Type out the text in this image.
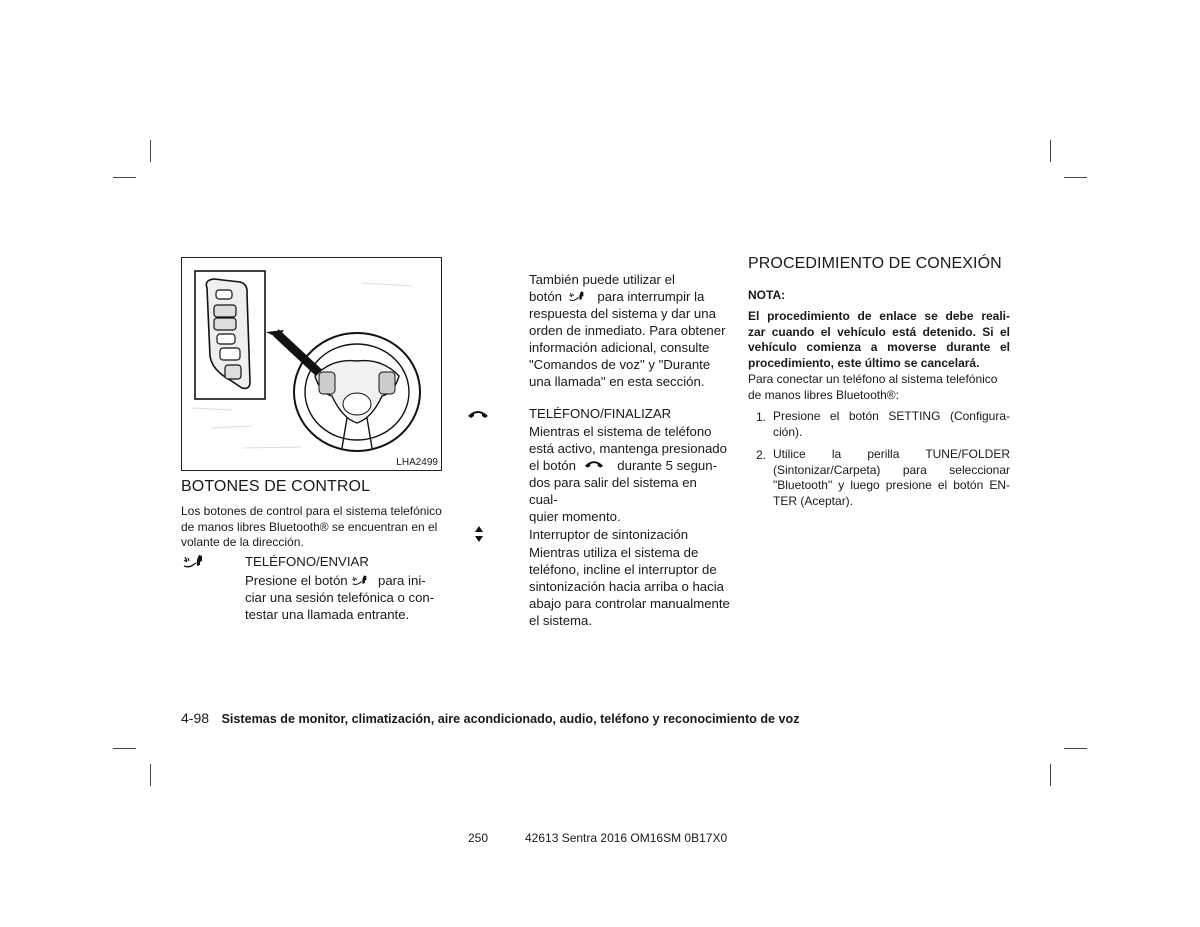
LHA2499
BOTONES DE CONTROL

Los botones de control para el sistema telefónico

de manos libres Bluetooth® se encuentran en el

volante de la dirección.

TELÉFONO/ENVIAR

Presione el botón para ini-

ciar una sesión telefónica o con-

testar una llamada entrante.

También puede utilizar el

botón	para interrumpir la

respuesta del sistema y dar una

orden de inmediato. Para obtener

información adicional, consulte

"Comandos de voz" y "Durante

una llamada" en esta sección.

TELÉFONO/FINALIZAR

Mientras el sistema de teléfono

está activo, mantenga presionado

el botón	durante 5 segun-

dos para salir del sistema en cual-

quier momento.

Interruptor de sintonización

Mientras utiliza el sistema de

teléfono, incline el interruptor de

sintonización hacia arriba o hacia

abajo para controlar manualmente

el sistema.

PROCEDIMIENTO DE CONEXIÓN
NOTA:

El procedimiento de enlace se debe reali-

zar cuando el vehículo está detenido. Si el

vehículo comienza a moverse durante el

procedimiento, este último se cancelará.

Para conectar un teléfono al sistema telefónico

de manos libres Bluetooth®:

1. Presione el botón SETTING (Configura-

ción).

2. Utilice la perilla TUNE/FOLDER

(Sintonizar/Carpeta) para seleccionar

"Bluetooth" y luego presione el botón EN-

TER (Aceptar).

4-98 Sistemas de monitor, climatización, aire acondicionado, audio, teléfono y reconocimiento de voz
250	42613 Sentra 2016 OM16SM 0B17X0
